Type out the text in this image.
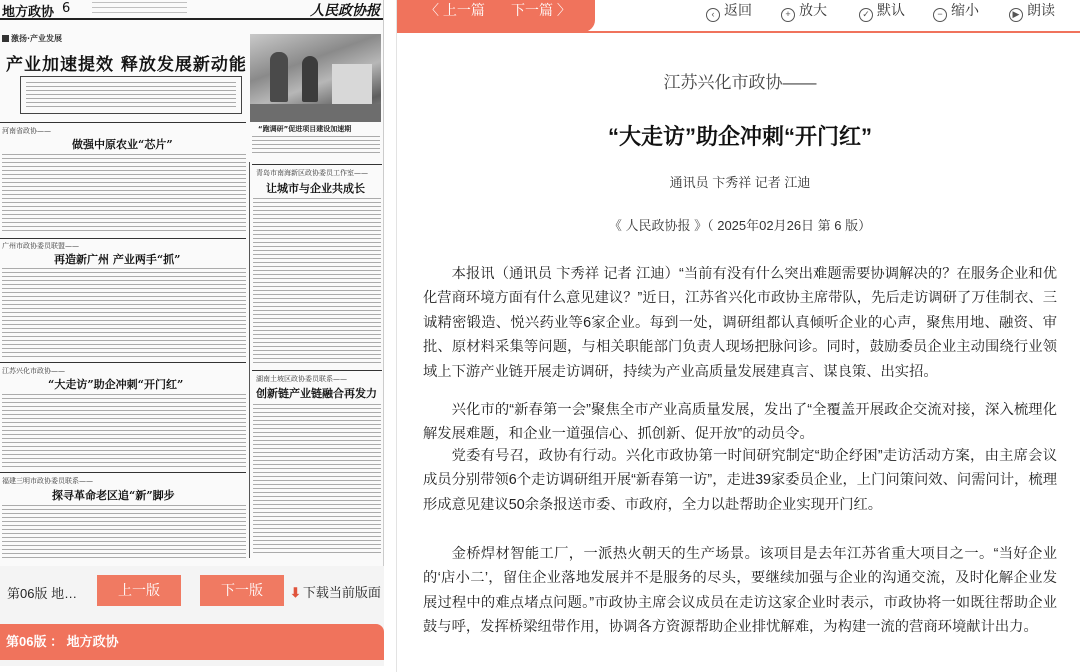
地方政协 6	人民政协报
激扬·产业发展
产业加速提效 释放发展新动能
“跑调研”促进项目建设加速期
河南省政协——
做强中原农业“芯片”
广州市政协委员联盟——
再造新广州 产业两手“抓”
青岛市南海新区政协委员工作室——
让城市与企业共成长
江苏兴化市政协——
“大走访”助企冲刺“开门红”	湖南土坡区政协委员联系——
创新链产业链融合再发力
福建三明市政协委员联系——
探寻革命老区追“新”脚步
第06版 地…	上一版	下一版	⬇ 下载当前版面
第06版 ： 地方政协
〈 上一篇 下一篇 〉	‹ 返回	+ 放大	✓ 默认	− 缩小	▶ 朗读
江苏兴化市政协——
“大走访”助企冲刺“开门红”
通讯员 卞秀祥 记者 江迪
《 人民政协报 》（ 2025年02月26日 第 6 版）

本报讯（通讯员 卞秀祥 记者 江迪）“当前有没有什么突出难题需要协调解决的？在服务企业和优化营商环境方面有什么意见建议？”近日，江苏省兴化市政协主席带队，先后走访调研了万佳制衣、三诚精密锻造、悦兴药业等6家企业。每到一处，调研组都认真倾听企业的心声，聚焦用地、融资、审批、原材料采集等问题，与相关职能部门负责人现场把脉问诊。同时，鼓励委员企业主动围绕行业领域上下游产业链开展走访调研，持续为产业高质量发展建真言、谋良策、出实招。

兴化市的“新春第一会”聚焦全市产业高质量发展，发出了“全覆盖开展政企交流对接，深入梳理化解发展难题，和企业一道强信心、抓创新、促开放”的动员令。

党委有号召，政协有行动。兴化市政协第一时间研究制定“助企纾困”走访活动方案，由主席会议成员分别带领6个走访调研组开展“新春第一访”，走进39家委员企业，上门问策问效、问需问计，梳理形成意见建议50余条报送市委、市政府，全力以赴帮助企业实现开门红。

金桥焊材智能工厂，一派热火朝天的生产场景。该项目是去年江苏省重大项目之一。“当好企业的‘店小二’，留住企业落地发展并不是服务的尽头，要继续加强与企业的沟通交流，及时化解企业发展过程中的难点堵点问题。”市政协主席会议成员在走访这家企业时表示，市政协将一如既往帮助企业鼓与呼，发挥桥梁纽带作用，协调各方资源帮助企业排忧解难，为构建一流的营商环境献计出力。
